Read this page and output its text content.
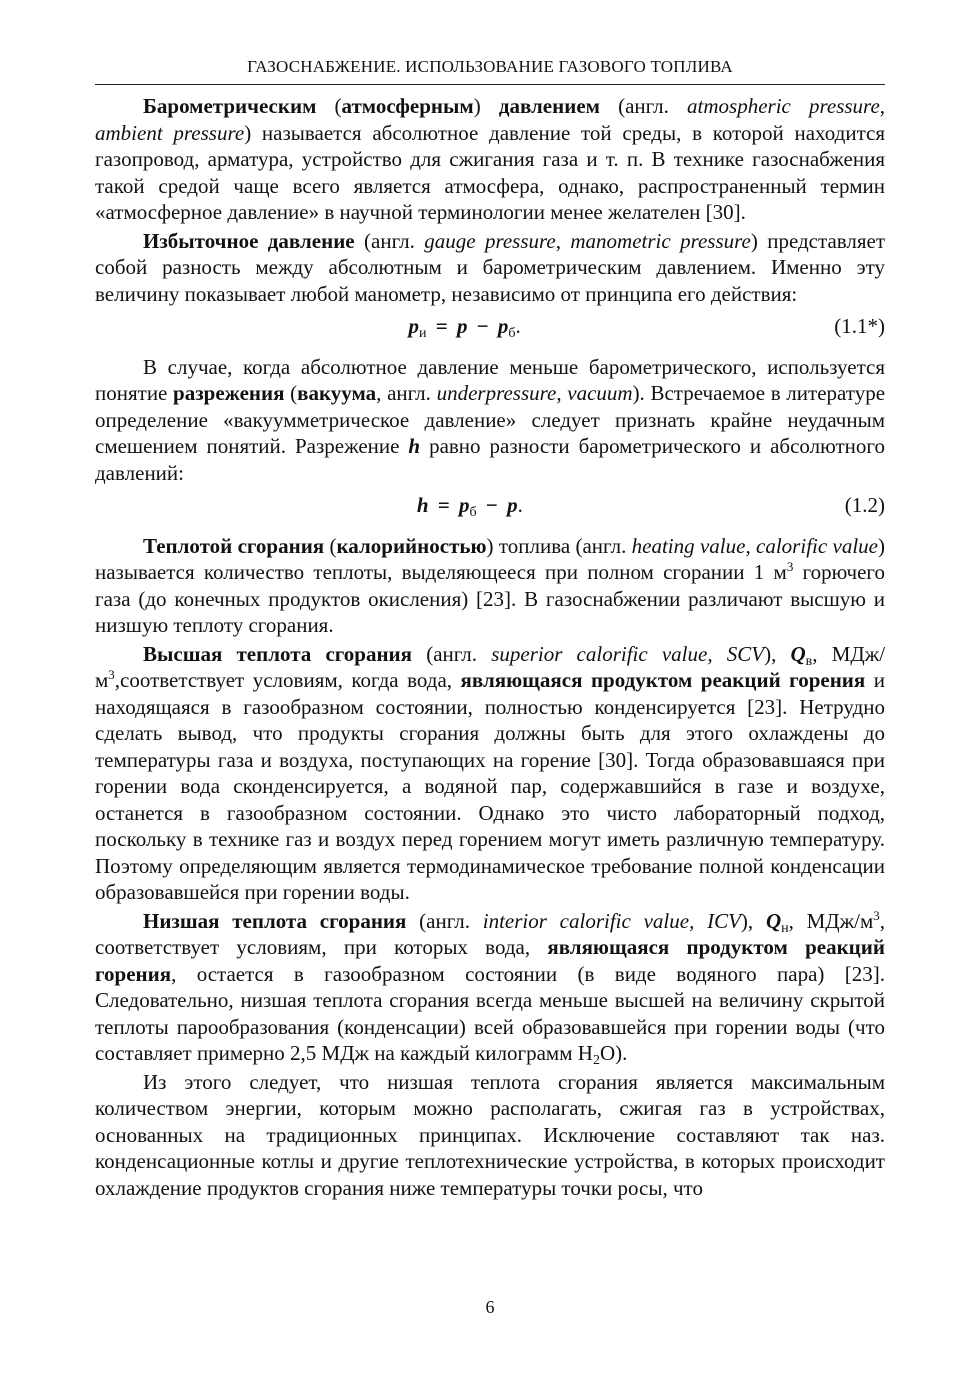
ГАЗОСНАБЖЕНИЕ. ИСПОЛЬЗОВАНИЕ ГАЗОВОГО ТОПЛИВА

Барометрическим (атмосферным) давлением (англ. atmospheric pressure, ambient pressure) называется абсолютное давление той среды, в которой находится газопровод, арматура, устройство для сжигания газа и т. п. В технике газоснабжения такой средой чаще всего является атмосфера, однако, распространенный термин «атмосферное давление» в научной терминологии менее желателен [30].

Избыточное давление (англ. gauge pressure, manometric pressure) представляет собой разность между абсолютным и барометрическим давлением. Именно эту величину показывает любой манометр, независимо от принципа его действия:

$p_и = p - p_б$.	(1.1*)

В случае, когда абсолютное давление меньше барометрического, используется понятие разрежения (вакуума, англ. underpressure, vacuum). Встречаемое в литературе определение «вакуумметрическое давление» следует признать крайне неудачным смешением понятий. Разрежение h равно разности барометрического и абсолютного давлений:

$h = p_б - p$.	(1.2)

Теплотой сгорания (калорийностью) топлива (англ. heating value, calorific value) называется количество теплоты, выделяющееся при полном сгорании 1 $м^3$ горючего газа (до конечных продуктов окисления) [23]. В газоснабжении различают высшую и низшую теплоту сгорания.

Высшая теплота сгорания (англ. superior calorific value, SCV), $Q_в$, МДж/$м^3,соответствует$ условиям, когда вода, являющаяся продуктом реакций горения и находящаяся в газообразном состоянии, полностью конденсируется [23]. Нетрудно сделать вывод, что продукты сгорания должны быть для этого охлаждены до температуры газа и воздуха, поступающих на горение [30]. Тогда образовавшаяся при горении вода сконденсируется, а водяной пар, содержавшийся в газе и воздухе, останется в газообразном состоянии. Однако это чисто лабораторный подход, поскольку в технике газ и воздух перед горением могут иметь различную температуру. Поэтому определяющим является термодинамическое требование полной конденсации образовавшейся при горении воды.

Низшая теплота сгорания (англ. interior calorific value, ICV), $Q_н$, МДж/$м^3$, соответствует условиям, при которых вода, являющаяся продуктом реакций горения, остается в газообразном состоянии (в виде водяного пара) [23]. Следовательно, низшая теплота сгорания всегда меньше высшей на величину скрытой теплоты парообразования (конденсации) всей образовавшейся при горении воды (что составляет примерно 2,5 МДж на каждый килограмм $H_2O$).

Из этого следует, что низшая теплота сгорания является максимальным количеством энергии, которым можно располагать, сжигая газ в устройствах, основанных на традиционных принципах. Исключение составляют так наз. конденсационные котлы и другие теплотехнические устройства, в которых происходит охлаждение продуктов сгорания ниже температуры точки росы, что

6
